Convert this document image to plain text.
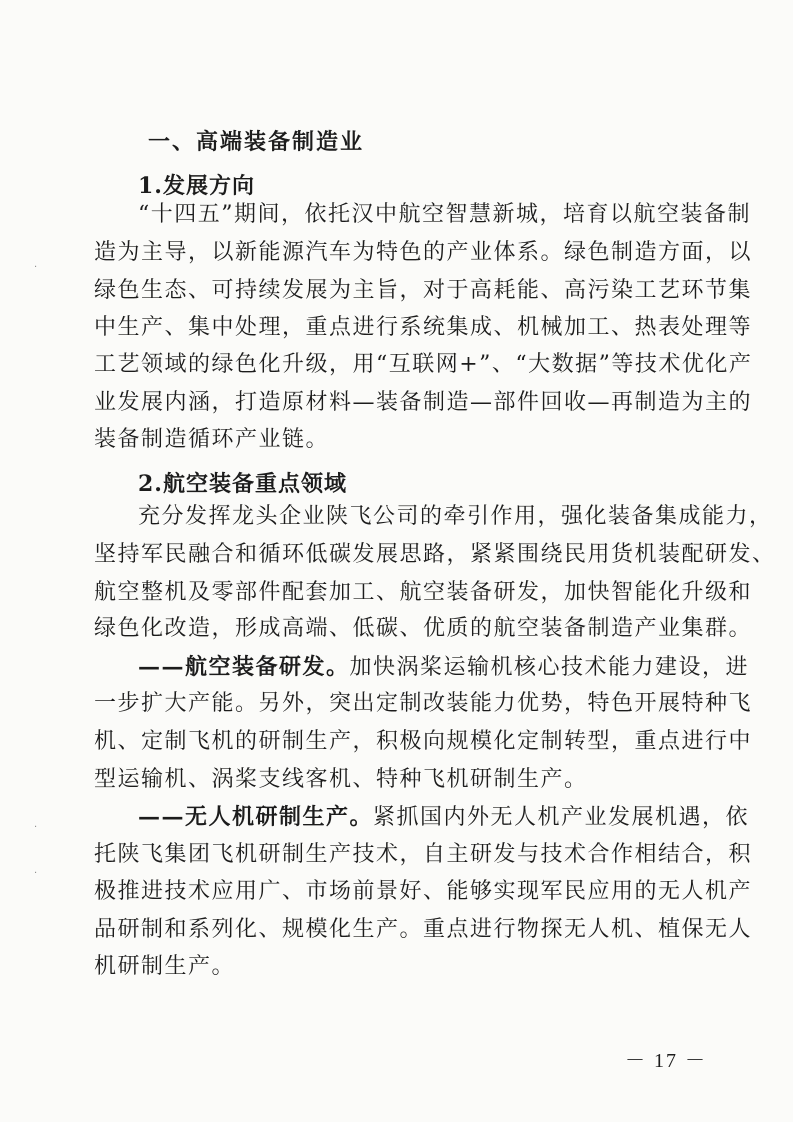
·
·
·
一、高端装备制造业
1.发展方向
“十四五”期间，依托汉中航空智慧新城，培育以航空装备制
造为主导，以新能源汽车为特色的产业体系。绿色制造方面，以
绿色生态、可持续发展为主旨，对于高耗能、高污染工艺环节集
中生产、集中处理，重点进行系统集成、机械加工、热表处理等
工艺领域的绿色化升级，用“互联网+”、“大数据”等技术优化产
业发展内涵，打造原材料—装备制造—部件回收—再制造为主的
装备制造循环产业链。
2.航空装备重点领域
充分发挥龙头企业陕飞公司的牵引作用，强化装备集成能力，
坚持军民融合和循环低碳发展思路，紧紧围绕民用货机装配研发、
航空整机及零部件配套加工、航空装备研发，加快智能化升级和
绿色化改造，形成高端、低碳、优质的航空装备制造产业集群。
——航空装备研发。加快涡桨运输机核心技术能力建设，进
一步扩大产能。另外，突出定制改装能力优势，特色开展特种飞
机、定制飞机的研制生产，积极向规模化定制转型，重点进行中
型运输机、涡桨支线客机、特种飞机研制生产。
——无人机研制生产。紧抓国内外无人机产业发展机遇，依
托陕飞集团飞机研制生产技术，自主研发与技术合作相结合，积
极推进技术应用广、市场前景好、能够实现军民应用的无人机产
品研制和系列化、规模化生产。重点进行物探无人机、植保无人
机研制生产。
－ 17 －
